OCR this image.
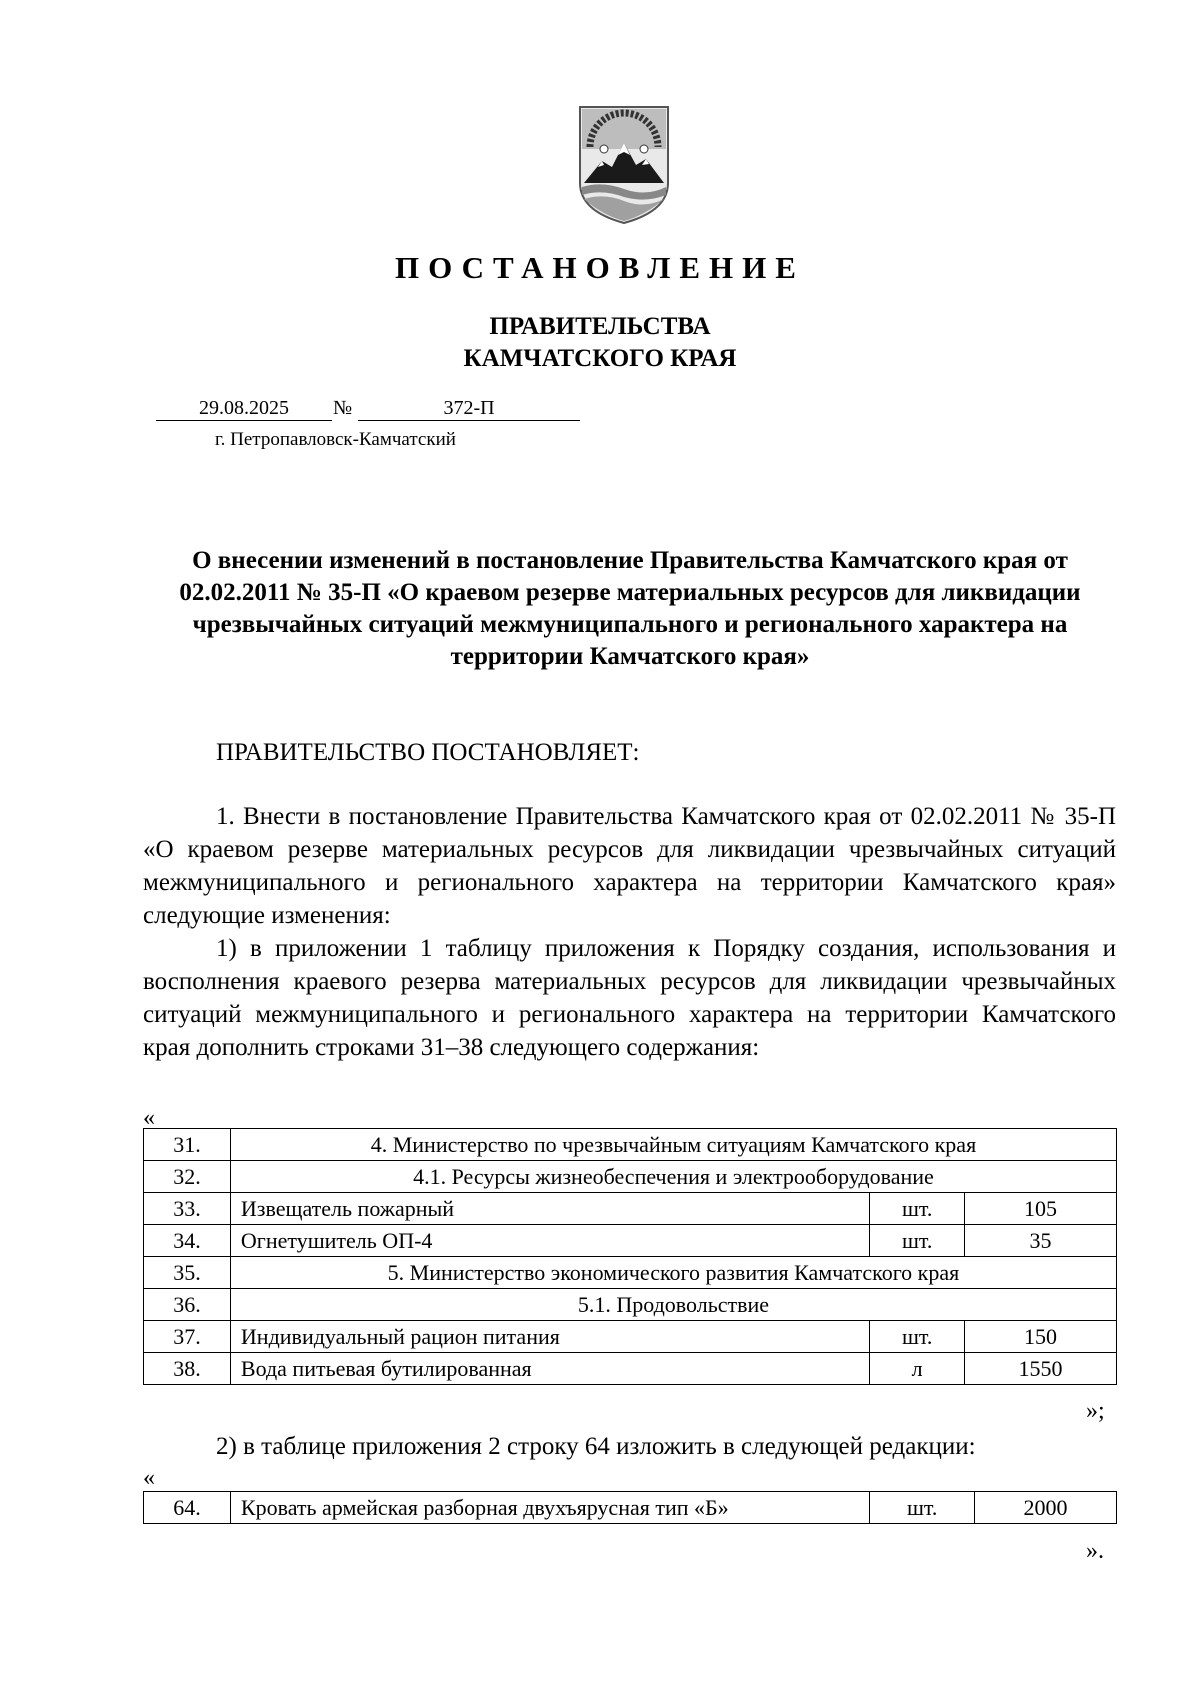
ПОСТАНОВЛЕНИЕ
ПРАВИТЕЛЬСТВА
КАМЧАТСКОГО КРАЯ
29.08.2025	№	372-П
г. Петропавловск-Камчатский
О внесении изменений в постановление Правительства Камчатского края от 02.02.2011 № 35-П «О краевом резерве материальных ресурсов для ликвидации чрезвычайных ситуаций межмуниципального и регионального характера на территории Камчатского края»
ПРАВИТЕЛЬСТВО ПОСТАНОВЛЯЕТ:
1. Внести в постановление Правительства Камчатского края от 02.02.2011 № 35-П «О краевом резерве материальных ресурсов для ликвидации чрезвычайных ситуаций межмуниципального и регионального характера на территории Камчатского края» следующие изменения:
1) в приложении 1 таблицу приложения к Порядку создания, использования и восполнения краевого резерва материальных ресурсов для ликвидации чрезвычайных ситуаций межмуниципального и регионального характера на территории Камчатского края дополнить строками 31–38 следующего содержания:
«
31.	4. Министерство по чрезвычайным ситуациям Камчатского края		
32.	4.1. Ресурсы жизнеобеспечения и электрооборудование		
33.	Извещатель пожарный	шт.	105
34.	Огнетушитель ОП-4	шт.	35
35.	5. Министерство экономического развития Камчатского края		
36.	5.1. Продовольствие		
37.	Индивидуальный рацион питания	шт.	150
38.	Вода питьевая бутилированная	л	1550
»;
2) в таблице приложения 2 строку 64 изложить в следующей редакции:
«
64.	Кровать армейская разборная двухъярусная тип «Б»	шт.	2000
».
